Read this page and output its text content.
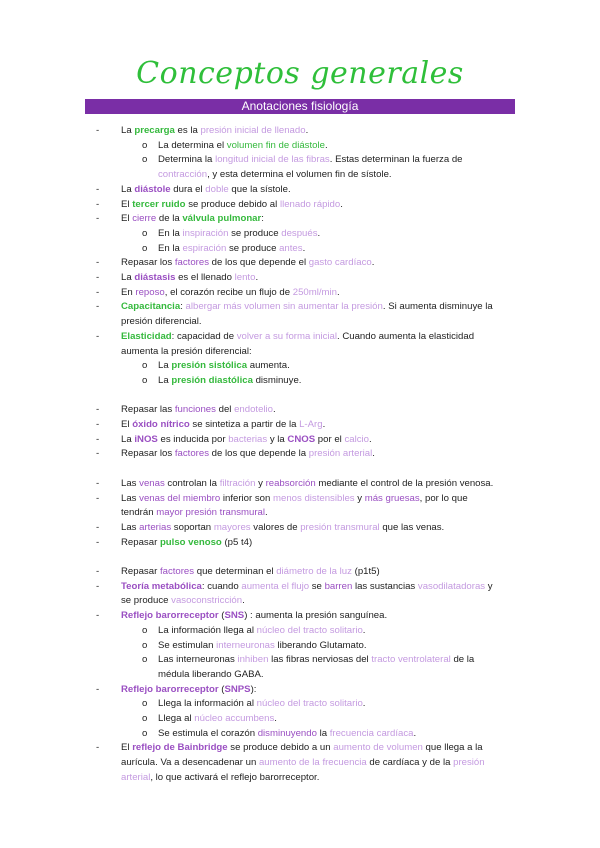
Conceptos generales
Anotaciones fisiología
- La precarga es la presión inicial de llenado.
o La determina el volumen fin de diástole.
o Determina la longitud inicial de las fibras. Estas determinan la fuerza de
contracción, y esta determina el volumen fin de sístole.
- La diástole dura el doble que la sístole.
- El tercer ruido se produce debido al llenado rápido.
- El cierre de la válvula pulmonar:
o En la inspiración se produce después.
o En la espiración se produce antes.
- Repasar los factores de los que depende el gasto cardíaco.
- La diástasis es el llenado lento.
- En reposo, el corazón recibe un flujo de 250ml/min.
- Capacitancia: albergar más volumen sin aumentar la presión. Si aumenta disminuye la
presión diferencial.
- Elasticidad: capacidad de volver a su forma inicial. Cuando aumenta la elasticidad
aumenta la presión diferencial:
o La presión sistólica aumenta.
o La presión diastólica disminuye.
- Repasar las funciones del endotelio.
- El óxido nítrico se sintetiza a partir de la L-Arg.
- La iNOS es inducida por bacterias y la CNOS por el calcio.
- Repasar los factores de los que depende la presión arterial.
- Las venas controlan la filtración y reabsorción mediante el control de la presión venosa.
- Las venas del miembro inferior son menos distensibles y más gruesas, por lo que
tendrán mayor presión transmural.
- Las arterias soportan mayores valores de presión transmural que las venas.
- Repasar pulso venoso (p5 t4)
- Repasar factores que determinan el diámetro de la luz (p1t5)
- Teoría metabólica: cuando aumenta el flujo se barren las sustancias vasodilatadoras y
se produce vasoconstricción.
- Reflejo barorreceptor (SNS) : aumenta la presión sanguínea.
o La información llega al núcleo del tracto solitario.
o Se estimulan interneuronas liberando Glutamato.
o Las interneuronas inhiben las fibras nerviosas del tracto ventrolateral de la
médula liberando GABA.
- Reflejo barorreceptor (SNPS):
o Llega la información al núcleo del tracto solitario.
o Llega al núcleo accumbens.
o Se estimula el corazón disminuyendo la frecuencia cardíaca.
- El reflejo de Bainbridge se produce debido a un aumento de volumen que llega a la
aurícula. Va a desencadenar un aumento de la frecuencia de cardíaca y de la presión
arterial, lo que activará el reflejo barorreceptor.
